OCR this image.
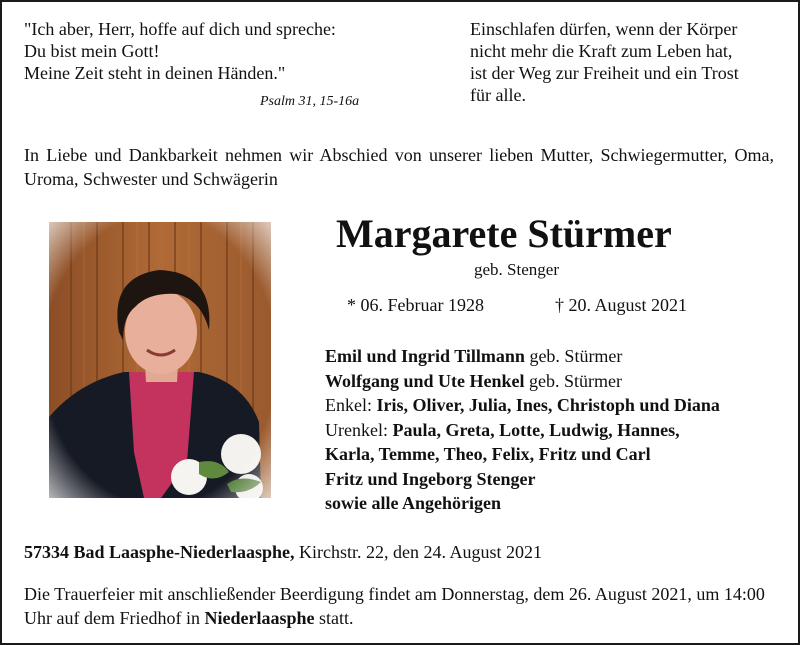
"Ich aber, Herr, hoffe auf dich und spreche:
Du bist mein Gott!
Meine Zeit steht in deinen Händen."
Psalm 31, 15-16a
Einschlafen dürfen, wenn der Körper
nicht mehr die Kraft zum Leben hat,
ist der Weg zur Freiheit und ein Trost
für alle.
In Liebe und Dankbarkeit nehmen wir Abschied von unserer lieben Mutter, Schwiegermutter, Oma, Uroma, Schwester und Schwägerin
Margarete Stürmer
geb. Stenger
* 06. Februar 1928	† 20. August 2021
Emil und Ingrid Tillmann geb. Stürmer
Wolfgang und Ute Henkel geb. Stürmer
Enkel: Iris, Oliver, Julia, Ines, Christoph und Diana
Urenkel: Paula, Greta, Lotte, Ludwig, Hannes,
Karla, Temme, Theo, Felix, Fritz und Carl
Fritz und Ingeborg Stenger
sowie alle Angehörigen
57334 Bad Laasphe-Niederlaasphe, Kirchstr. 22, den 24. August 2021
Die Trauerfeier mit anschließender Beerdigung findet am Donnerstag, dem 26. August 2021, um 14:00 Uhr auf dem Friedhof in Niederlaasphe statt.
